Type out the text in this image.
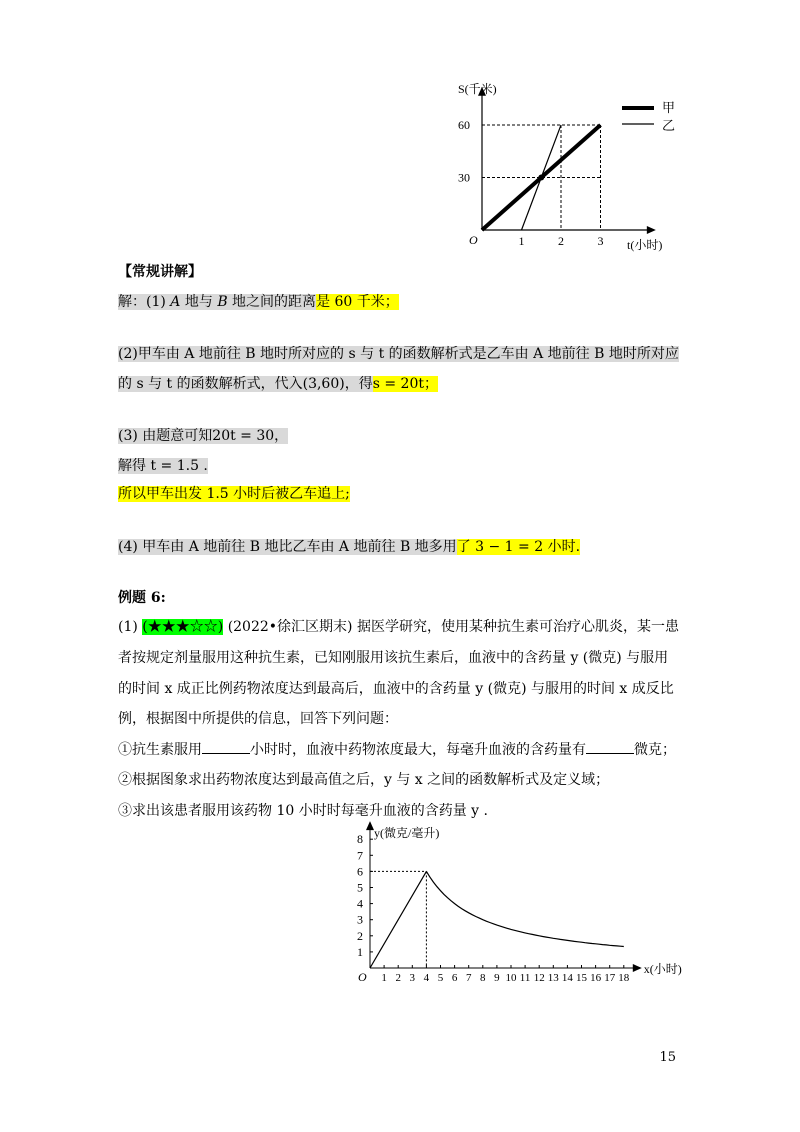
S(千米)
t(小时)
O
30
60
1	2	3
甲
乙
【常规讲解】
解：(1) A 地与 B 地之间的距离是 60 千米；
(2)甲车由 A 地前往 B 地时所对应的 s 与 t 的函数解析式是乙车由 A 地前往 B 地时所对应
的 s 与 t 的函数解析式，代入(3,60)，得s = 20t；
(3) 由题意可知20t = 30，
解得 t = 1.5 .
所以甲车出发 1.5 小时后被乙车追上;
(4) 甲车由 A 地前往 B 地比乙车由 A 地前往 B 地多用了 3 − 1 = 2 小时.
例题 6:
(1) (★★★☆☆) (2022•徐汇区期末) 据医学研究，使用某种抗生素可治疗心肌炎，某一患
者按规定剂量服用这种抗生素，已知刚服用该抗生素后，血液中的含药量 y (微克) 与服用
的时间 x 成正比例药物浓度达到最高后，血液中的含药量 y (微克) 与服用的时间 x 成反比
例，根据图中所提供的信息，回答下列问题：
①抗生素服用	小时时，血液中药物浓度最大，每毫升血液的含药量有	微克；
②根据图象求出药物浓度达到最高值之后，y 与 x 之间的函数解析式及定义域；
③求出该患者服用该药物 10 小时时每毫升血液的含药量 y .
y(微克/毫升)
x(小时)
O
1
2
3
4
5
6
7
8
1 2 3 4 5 6 7 8 9 10 11 12 13 14 15 16 17 18
15
